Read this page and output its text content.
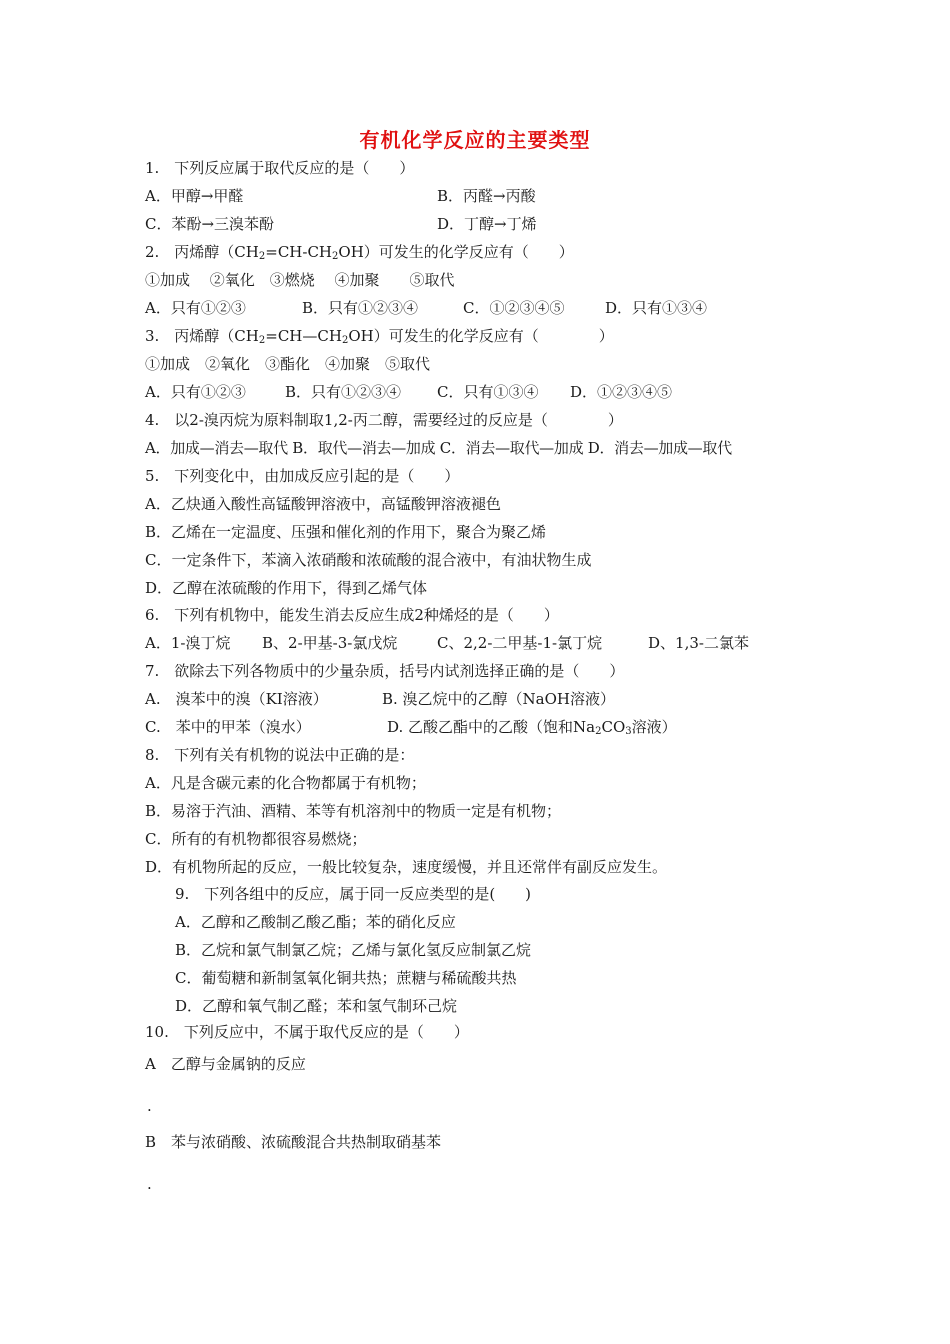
有机化学反应的主要类型
1.　下列反应属于取代反应的是（　　）
A．甲醇→甲醛	B．丙醛→丙酸
C．苯酚→三溴苯酚	D．丁醇→丁烯
2.　丙烯醇$(CH_2=CH-CH_2OH)$可发生的化学反应有（　　）
①加成　 ②氧化　③燃烧　 ④加聚　　⑤取代
A．只有①②③	B．只有①②③④	C．①②③④⑤	D．只有①③④
3.　丙烯醇$(CH_2=CH—CH_2OH)$可发生的化学反应有（　　　　）
①加成　②氧化　③酯化　④加聚　⑤取代
A．只有①②③	B．只有①②③④ C．只有①③④ D．①②③④⑤
4.　以2-溴丙烷为原料制取1,2-丙二醇，需要经过的反应是（　　　　）
A．加成—消去—取代 B．取代—消去—加成 C．消去—取代—加成 D．消去—加成—取代
5.　下列变化中，由加成反应引起的是（　　）
A．乙炔通入酸性高锰酸钾溶液中，高锰酸钾溶液褪色
B．乙烯在一定温度、压强和催化剂的作用下，聚合为聚乙烯
C．一定条件下，苯滴入浓硝酸和浓硫酸的混合液中，有油状物生成
D．乙醇在浓硫酸的作用下，得到乙烯气体
6.　下列有机物中，能发生消去反应生成2种烯烃的是（　　）
A．1-溴丁烷 B、2-甲基-3-氯戊烷	C、2,2-二甲基-1-氯丁烷	D、1,3-二氯苯
7.　欲除去下列各物质中的少量杂质，括号内试剂选择正确的是（　　）
A.　溴苯中的溴（KI溶液）	B. 溴乙烷中的乙醇（NaOH溶液）
C.　苯中的甲苯（溴水）	D. 乙酸乙酯中的乙酸（饱和$Na_2CO_3$溶液）
8.　下列有关有机物的说法中正确的是：
A．凡是含碳元素的化合物都属于有机物；
B．易溶于汽油、酒精、苯等有机溶剂中的物质一定是有机物；
C．所有的有机物都很容易燃烧；
D．有机物所起的反应，一般比较复杂，速度缓慢，并且还常伴有副反应发生。
9.　下列各组中的反应，属于同一反应类型的是(　　)
A．乙醇和乙酸制乙酸乙酯；苯的硝化反应
B．乙烷和氯气制氯乙烷；乙烯与氯化氢反应制氯乙烷
C．葡萄糖和新制氢氧化铜共热；蔗糖与稀硫酸共热
D．乙醇和氧气制乙醛；苯和氢气制环己烷
10.　下列反应中，不属于取代反应的是（　　）
A　乙醇与金属钠的反应
.
B　苯与浓硝酸、浓硫酸混合共热制取硝基苯
.
